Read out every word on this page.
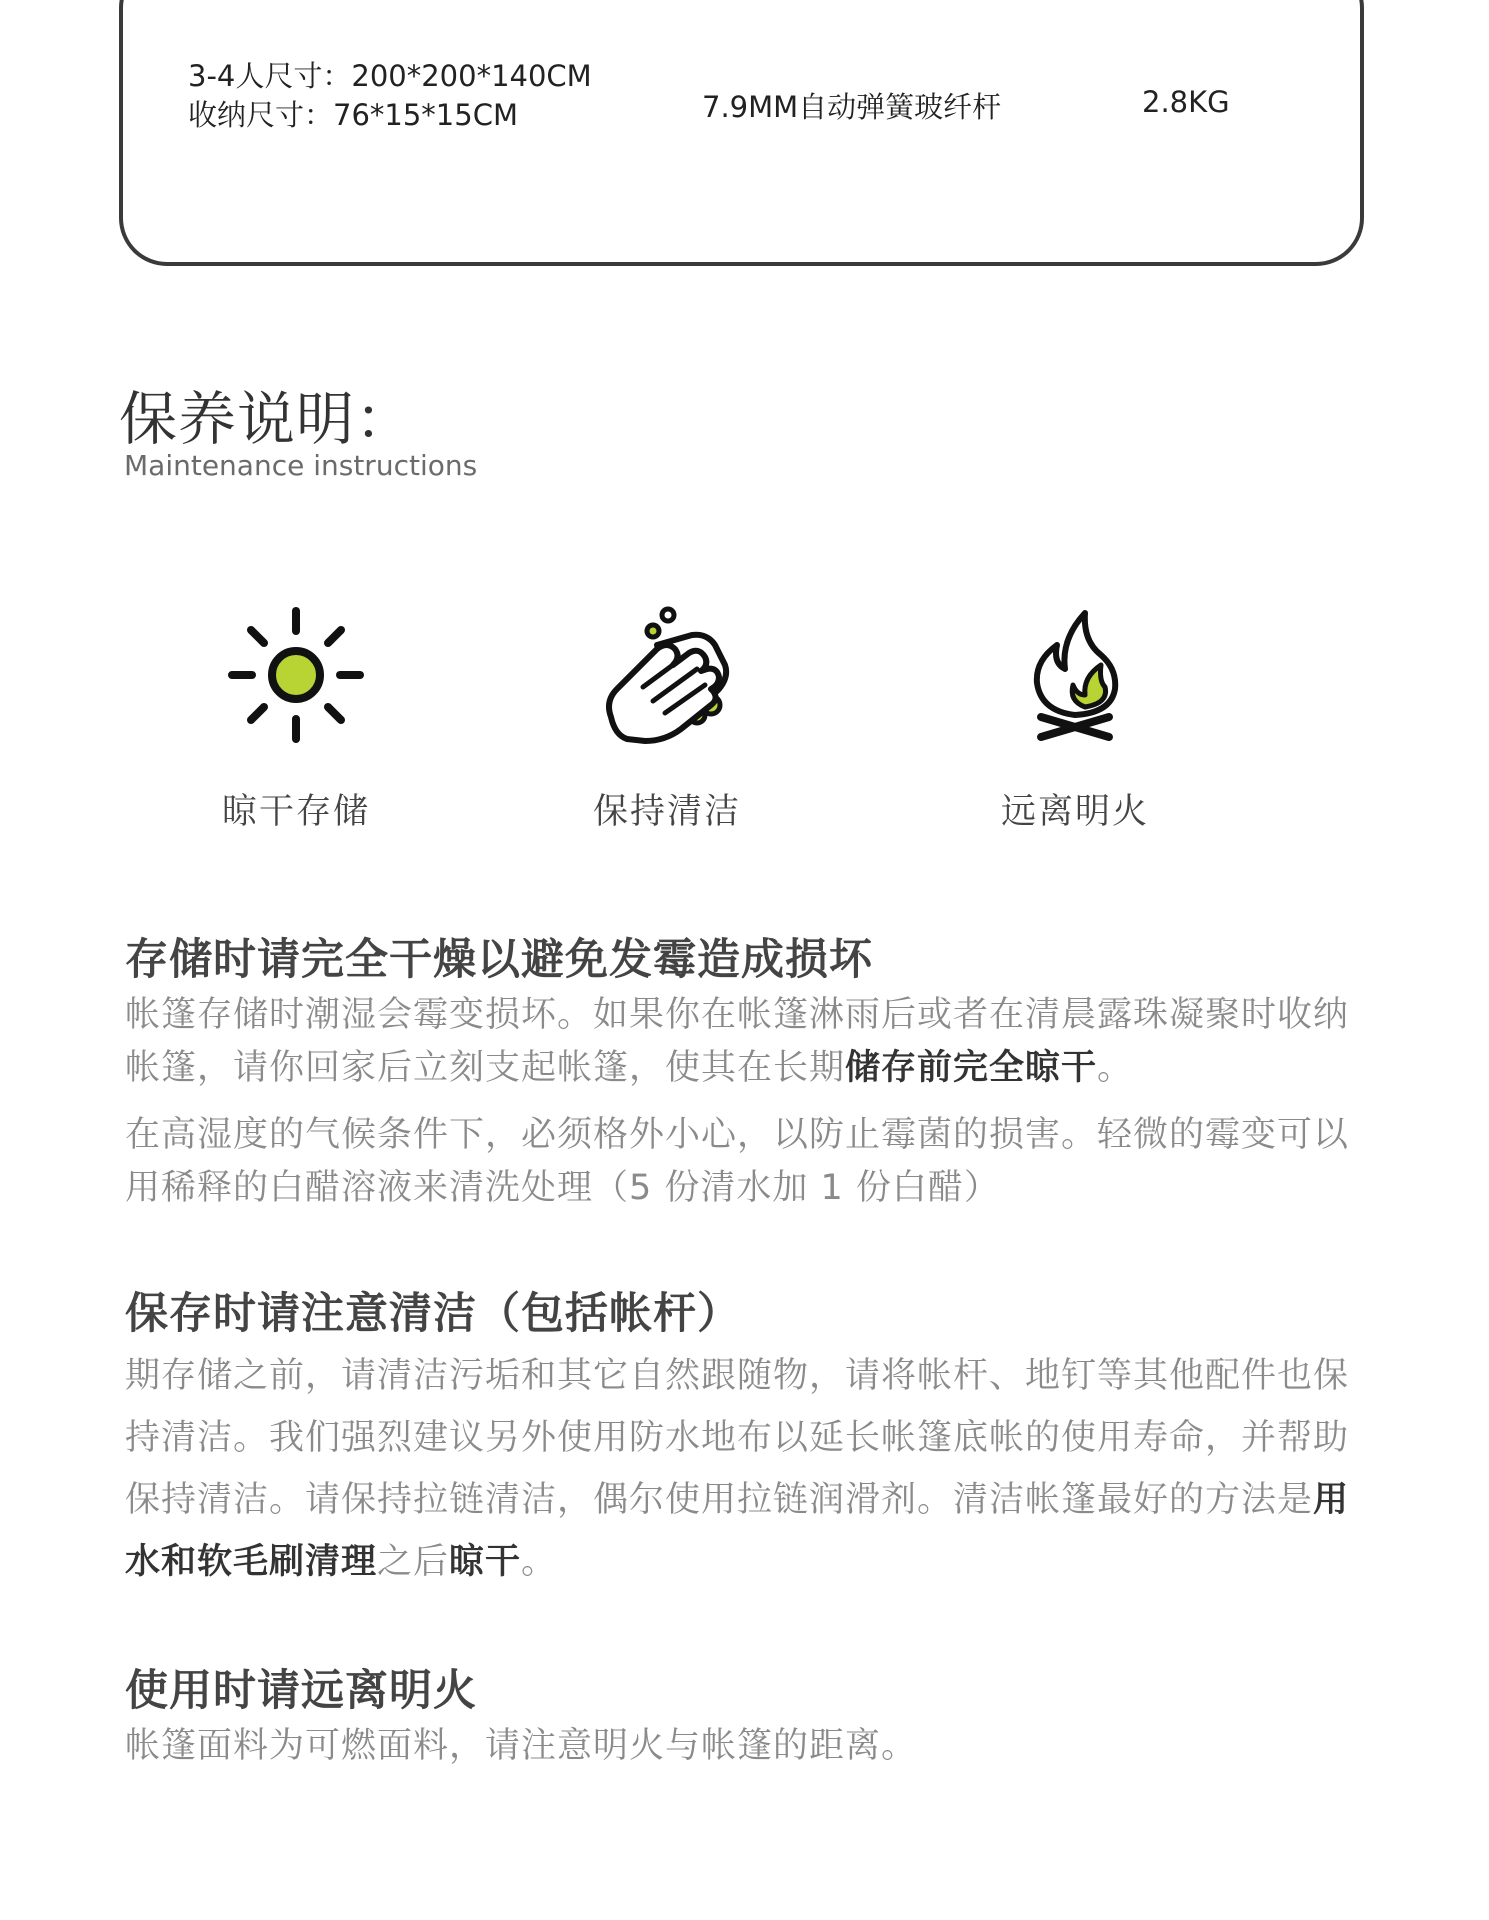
3-4人尺寸：200*200*140CM
收纳尺寸：76*15*15CM	7.9MM自动弹簧玻纤杆	2.8KG
保养说明：
Maintenance instructions
晾干存储	保持清洁	远离明火
存储时请完全干燥以避免发霉造成损坏

帐篷存储时潮湿会霉变损坏。如果你在帐篷淋雨后或者在清晨露珠凝聚时收纳帐篷，请你回家后立刻支起帐篷，使其在长期储存前完全晾干。

在高湿度的气候条件下，必须格外小心，以防止霉菌的损害。轻微的霉变可以用稀释的白醋溶液来清洗处理（5 份清水加 1 份白醋）

保存时请注意清洁（包括帐杆）

期存储之前，请清洁污垢和其它自然跟随物，请将帐杆、地钉等其他配件也保持清洁。我们强烈建议另外使用防水地布以延长帐篷底帐的使用寿命，并帮助保持清洁。请保持拉链清洁，偶尔使用拉链润滑剂。清洁帐篷最好的方法是用水和软毛刷清理之后晾干。

使用时请远离明火

帐篷面料为可燃面料，请注意明火与帐篷的距离。
